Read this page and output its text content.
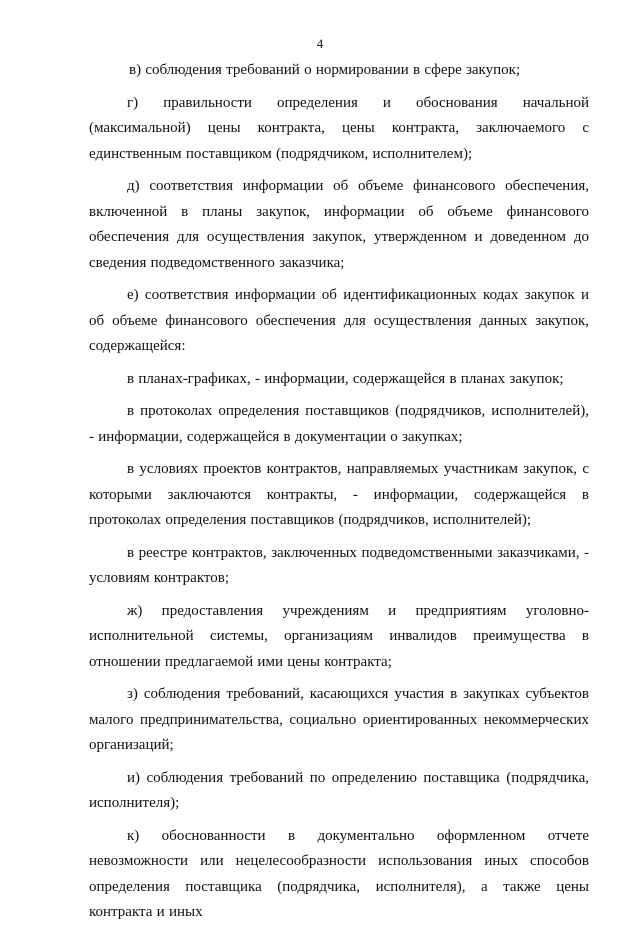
4

в) соблюдения требований о нормировании в сфере закупок;

г) правильности определения и обоснования начальной (максимальной) цены контракта, цены контракта, заключаемого с единственным поставщиком (подрядчиком, исполнителем);

д) соответствия информации об объеме финансового обеспечения, включенной в планы закупок, информации об объеме финансового обеспечения для осуществления закупок, утвержденном и доведенном до сведения подведомственного заказчика;

е) соответствия информации об идентификационных кодах закупок и об объеме финансового обеспечения для осуществления данных закупок, содержащейся:

в планах-графиках, - информации, содержащейся в планах закупок;

в протоколах определения поставщиков (подрядчиков, исполнителей), - информации, содержащейся в документации о закупках;

в условиях проектов контрактов, направляемых участникам закупок, с которыми заключаются контракты, - информации, содержащейся в протоколах определения поставщиков (подрядчиков, исполнителей);

в реестре контрактов, заключенных подведомственными заказчиками, - условиям контрактов;

ж) предоставления учреждениям и предприятиям уголовно-исполнительной системы, организациям инвалидов преимущества в отношении предлагаемой ими цены контракта;

з) соблюдения требований, касающихся участия в закупках субъектов малого предпринимательства, социально ориентированных некоммерческих организаций;

и) соблюдения требований по определению поставщика (подрядчика, исполнителя);

к) обоснованности в документально оформленном отчете невозможности или нецелесообразности использования иных способов определения поставщика (подрядчика, исполнителя), а также цены контракта и иных
